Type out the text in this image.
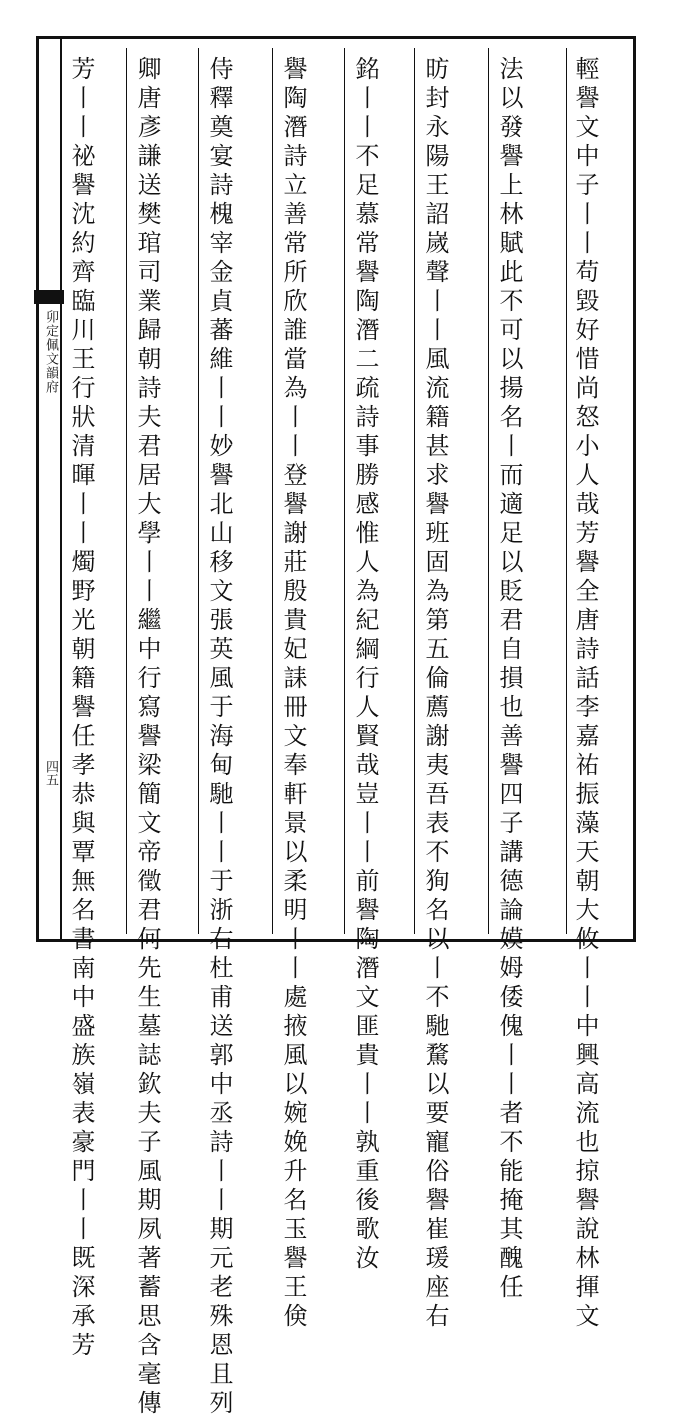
卯定佩文韻府
四五	輕譽文中子丨丨苟毀好惜尚怒小人哉芳譽全唐詩話李嘉祐振藻天朝大攸丨丨中興高流也掠譽說林揮文
法以發譽上林賦此不可以揚名丨而適足以貶君自損也善譽四子講德論嫫姆倭傀丨丨者不能掩其醜任
昉封永陽王詔嵗聲丨丨風流籍甚求譽班固為第五倫薦謝夷吾表不狥名以丨不馳騖以要寵俗譽崔瑗座右
銘丨丨不足慕常譽陶潛二疏詩事勝感惟人為紀綱行人賢哉豈丨丨前譽陶潛文匪貴丨丨孰重後歌汝
譽陶潛詩立善常所欣誰當為丨丨登譽謝莊殷貴妃誄冊文奉軒景以柔明丨丨處掖風以婉娩升名玉譽王倹
侍釋奠宴詩槐宰金貞蕃維丨丨妙譽北山移文張英風于海甸馳丨丨于浙右杜甫送郭中丞詩丨丨期元老殊恩且列
卿唐彥謙送樊琯司業歸朝詩夫君居大學丨丨繼中行寫譽梁簡文帝徵君何先生墓誌欽夫子風期夙著蓄思含毫傳
芳丨丨祕譽沈約齊臨川王行狀清暉丨丨燭野光朝籍譽任孝恭與覃無名書南中盛族嶺表豪門丨丨既深承芳
